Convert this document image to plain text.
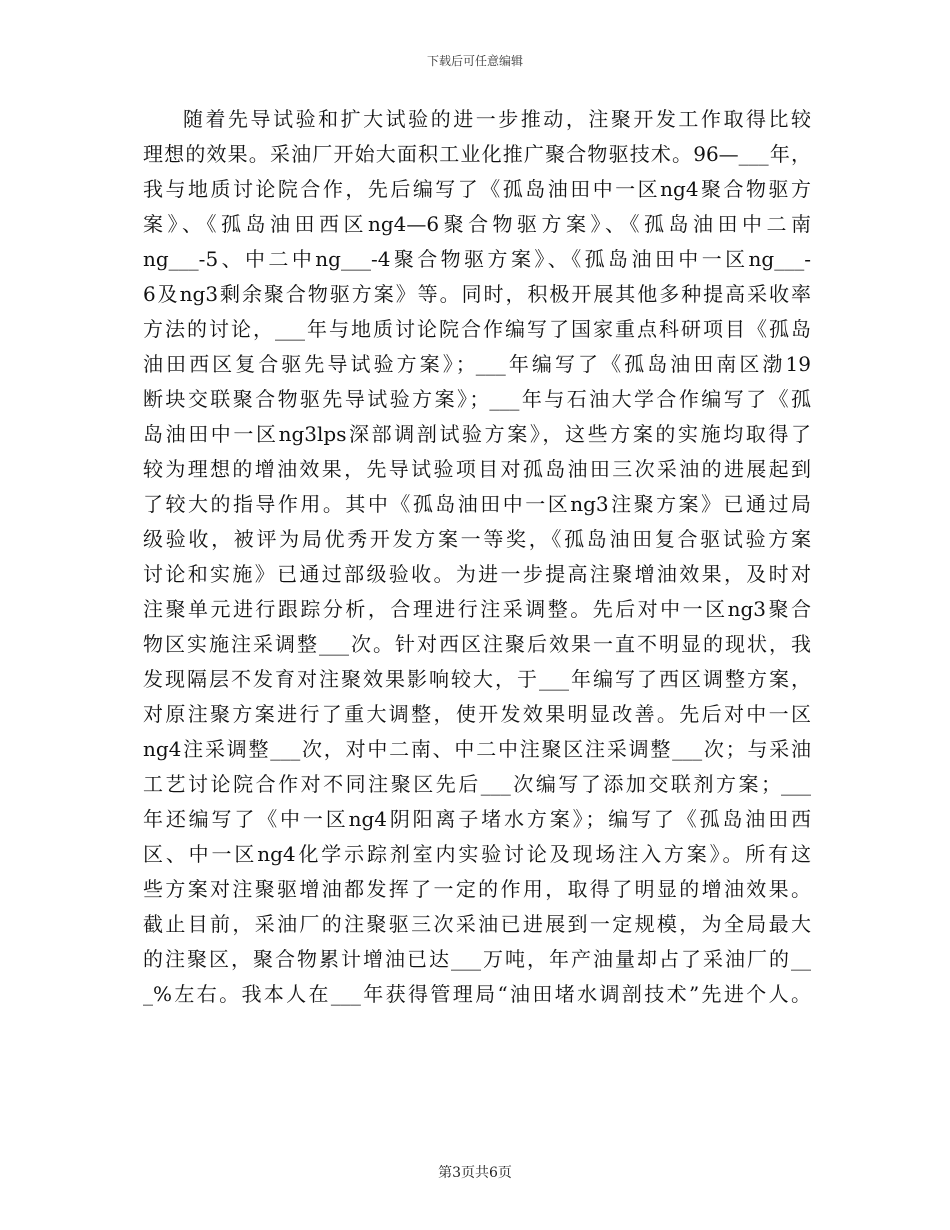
下载后可任意编辑
随着先导试验和扩大试验的进一步推动，注聚开发工作取得比较
理想的效果。采油厂开始大面积工业化推广聚合物驱技术。96—___年，
我与地质讨论院合作，先后编写了《孤岛油田中一区ng4聚合物驱方
案》、《孤岛油田西区ng4—6聚合物驱方案》、《孤岛油田中二南
ng___-5、中二中ng___-4聚合物驱方案》、《孤岛油田中一区ng___-
6及ng3剩余聚合物驱方案》等。同时，积极开展其他多种提高采收率
方法的讨论，___年与地质讨论院合作编写了国家重点科研项目《孤岛
油田西区复合驱先导试验方案》；___年编写了《孤岛油田南区渤19
断块交联聚合物驱先导试验方案》；___年与石油大学合作编写了《孤
岛油田中一区ng3lps深部调剖试验方案》，这些方案的实施均取得了
较为理想的增油效果，先导试验项目对孤岛油田三次采油的进展起到
了较大的指导作用。其中《孤岛油田中一区ng3注聚方案》已通过局
级验收，被评为局优秀开发方案一等奖，《孤岛油田复合驱试验方案
讨论和实施》已通过部级验收。为进一步提高注聚增油效果，及时对
注聚单元进行跟踪分析，合理进行注采调整。先后对中一区ng3聚合
物区实施注采调整___次。针对西区注聚后效果一直不明显的现状，我
发现隔层不发育对注聚效果影响较大，于___年编写了西区调整方案，
对原注聚方案进行了重大调整，使开发效果明显改善。先后对中一区
ng4注采调整___次，对中二南、中二中注聚区注采调整___次；与采油
工艺讨论院合作对不同注聚区先后___次编写了添加交联剂方案；___
年还编写了《中一区ng4阴阳离子堵水方案》；编写了《孤岛油田西
区、中一区ng4化学示踪剂室内实验讨论及现场注入方案》。所有这
些方案对注聚驱增油都发挥了一定的作用，取得了明显的增油效果。
截止目前，采油厂的注聚驱三次采油已进展到一定规模，为全局最大
的注聚区，聚合物累计增油已达___万吨，年产油量却占了采油厂的__
_%左右。我本人在___年获得管理局“油田堵水调剖技术”先进个人。
第3页共6页
